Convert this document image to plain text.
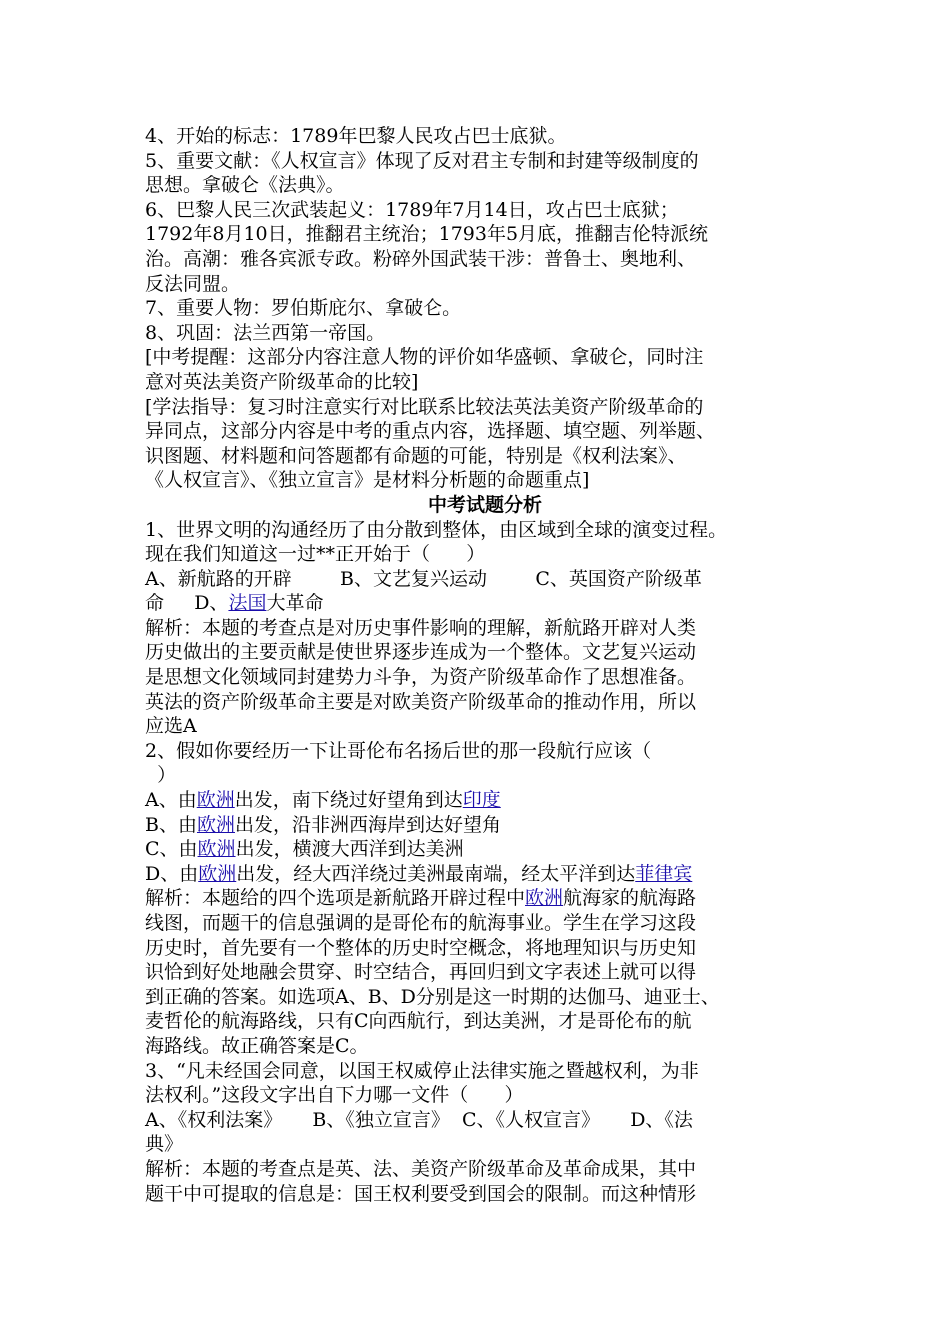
4、开始的标志：1789年巴黎人民攻占巴士底狱。
5、重要文献：《人权宣言》体现了反对君主专制和封建等级制度的
思想。拿破仑《法典》。
6、巴黎人民三次武装起义：1789年7月14日，攻占巴士底狱；
1792年8月10日，推翻君主统治；1793年5月底，推翻吉伦特派统
治。高潮：雅各宾派专政。粉碎外国武装干涉：普鲁士、奥地利、
反法同盟。
7、重要人物：罗伯斯庇尔、拿破仑。
8、巩固：法兰西第一帝国。
[中考提醒：这部分内容注意人物的评价如华盛顿、拿破仑，同时注
意对英法美资产阶级革命的比较]
[学法指导：复习时注意实行对比联系比较法英法美资产阶级革命的
异同点，这部分内容是中考的重点内容，选择题、填空题、列举题、
识图题、材料题和问答题都有命题的可能，特别是《权利法案》、
《人权宣言》、《独立宣言》是材料分析题的命题重点]
中考试题分析
1、世界文明的沟通经历了由分散到整体，由区域到全球的演变过程。
现在我们知道这一过**正开始于（      ）
A、新航路的开辟        B、文艺复兴运动        C、英国资产阶级革
命     D、法国大革命
解析：本题的考查点是对历史事件影响的理解，新航路开辟对人类
历史做出的主要贡献是使世界逐步连成为一个整体。文艺复兴运动
是思想文化领域同封建势力斗争，为资产阶级革命作了思想准备。
英法的资产阶级革命主要是对欧美资产阶级革命的推动作用，所以
应选A
2、假如你要经历一下让哥伦布名扬后世的那一段航行应该（
）
A、由欧洲出发，南下绕过好望角到达印度
B、由欧洲出发，沿非洲西海岸到达好望角
C、由欧洲出发，横渡大西洋到达美洲
D、由欧洲出发，经大西洋绕过美洲最南端，经太平洋到达菲律宾
解析：本题给的四个选项是新航路开辟过程中欧洲航海家的航海路
线图，而题干的信息强调的是哥伦布的航海事业。学生在学习这段
历史时，首先要有一个整体的历史时空概念，将地理知识与历史知
识恰到好处地融会贯穿、时空结合，再回归到文字表述上就可以得
到正确的答案。如选项A、B、D分别是这一时期的达伽马、迪亚士、
麦哲伦的航海路线，只有C向西航行，到达美洲，才是哥伦布的航
海路线。故正确答案是C。
3、“凡未经国会同意，以国王权威停止法律实施之暨越权利，为非
法权利。”这段文字出自下力哪一文件（      ）
A、《权利法案》     B、《独立宣言》  C、《人权宣言》     D、《法
典》
解析：本题的考查点是英、法、美资产阶级革命及革命成果，其中
题干中可提取的信息是：国王权利要受到国会的限制。而这种情形
